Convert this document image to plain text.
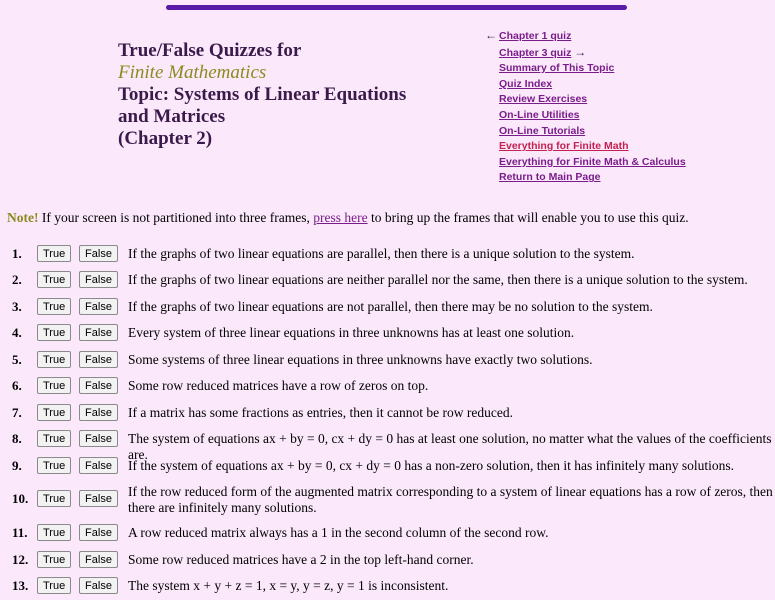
True/False Quizzes for
Finite Mathematics
Topic: Systems of Linear Equations
and Matrices
(Chapter 2)
← Chapter 1 quiz
Chapter 3 quiz →
Summary of This Topic
Quiz Index
Review Exercises
On-Line Utilities
On-Line Tutorials
Everything for Finite Math
Everything for Finite Math & Calculus
Return to Main Page
Note! If your screen is not partitioned into three frames, press here to bring up the frames that will enable you to use this quiz.
1.	True	False	If the graphs of two linear equations are parallel, then there is a unique solution to the system.
2.	True	False	If the graphs of two linear equations are neither parallel nor the same, then there is a unique solution to the system.
3.	True	False	If the graphs of two linear equations are not parallel, then there may be no solution to the system.
4.	True	False	Every system of three linear equations in three unknowns has at least one solution.
5.	True	False	Some systems of three linear equations in three unknowns have exactly two solutions.
6.	True	False	Some row reduced matrices have a row of zeros on top.
7.	True	False	If a matrix has some fractions as entries, then it cannot be row reduced.
8.	True	False	The system of equations ax + by = 0, cx + dy = 0 has at least one solution, no matter what the values of the coefficients are.
9.	True	False	If the system of equations ax + by = 0, cx + dy = 0 has a non-zero solution, then it has infinitely many solutions.
10.	True	False	If the row reduced form of the augmented matrix corresponding to a system of linear equations has a row of zeros, then there are infinitely many solutions.
11.	True	False	A row reduced matrix always has a 1 in the second column of the second row.
12.	True	False	Some row reduced matrices have a 2 in the top left-hand corner.
13.	True	False	The system x + y + z = 1, x = y, y = z, y = 1 is inconsistent.
